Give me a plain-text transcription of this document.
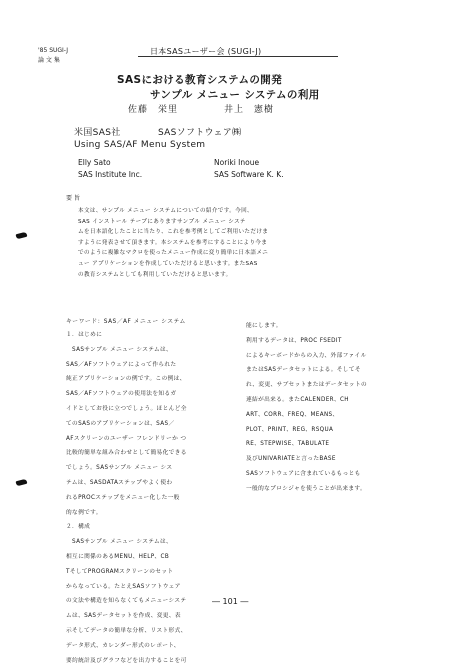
'85 SUGI-J
論 文 集
日本SASユーザー会 (SUGI-J)
SASにおける教育システムの開発
サンプル メニュー システムの利用
佐藤　栄里	井上　憲樹
米国SAS社	SASソフトウェア㈱
Using SAS/AF Menu System
Elly Sato	Noriki Inoue
SAS Institute Inc.	SAS Software K. K.
要 旨
本文は、サンプル メニュー システムについての紹介です。今回、
SAS インストール テープにありますサンプル メニュー システ
ムを日本語化したことに当たり、これを参考例としてご利用いただけま
すように発表させて頂きます。本システムを参考にすることにより今ま
でのように複雑なマクロを使ったメニュー作成に変り簡単に日本語メニ
ュー アプリケーションを作成していただけると思います。またSAS
の教育システムとしても利用していただけると思います。
キーワード：SAS／AF メニュー システム
１．はじめに
　SASサンプル メニュー システムは、
SAS／AFソフトウェアによって作られた
純正アプリケーションの例です。この例は、
SAS／AFソフトウェアの使用法を知るガ
イドとしてお役に立つでしょう。ほとんど全
てのSASのアプリケーションは、SAS／
AFスクリーンのユーザー フレンドリーか つ
比較的簡単な組み合わせとして簡易化できる
でしょう。SASサンプル メニュー シス
テムは、SASDATAステップやよく使わ
れるPROCステップをメニュー化した一般
的な例です。
２．構成
　SASサンプル メニュー システムは、
相互に関係のあるMENU、HELP、CB
TそしてPROGRAMスクリーンのセット
からなっている。たとえSASソフトウェア
の文法や構造を知らなくてもメニューシステ
ムは、SASデータセットを作成、変更、表
示そしてデータの簡単な分析、リスト形式、
データ形式、カレンダー形式のレポート、
要約統計及びグラフなどを出力することを可
能にします。
利用するデータは、PROC FSEDIT
によるキーボードからの入力、外部ファイル
またはSASデータセットによる。そしてそ
れ、変更、サブセットまたはデータセットの
連結が出来る。またCALENDER、CH
ART、CORR、FREQ、MEANS、
PLOT、PRINT、REG、RSQUA
RE、STEPWISE、TABULATE
及びUNIVARIATEと言ったBASE
SASソフトウェアに含まれているもっとも
一般的なプロシジャを使うことが出来ます。
― 101 ―
